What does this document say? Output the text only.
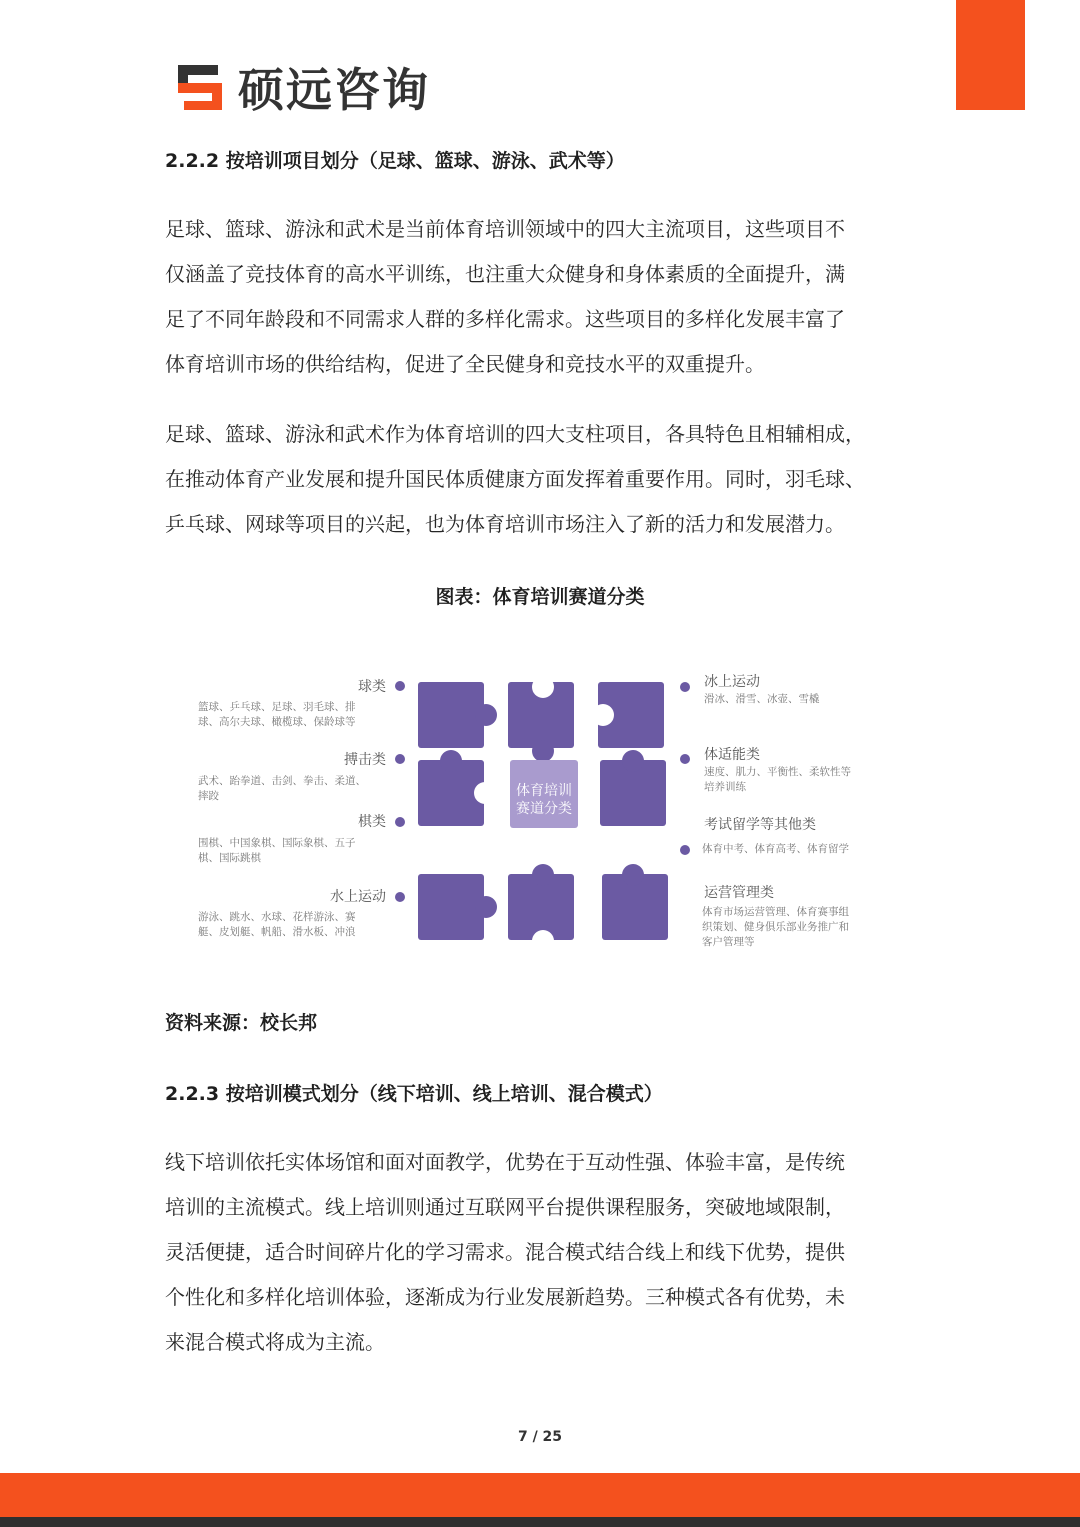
硕远咨询
2.2.2 按培训项目划分（足球、篮球、游泳、武术等）
足球、篮球、游泳和武术是当前体育培训领域中的四大主流项目，这些项目不
仅涵盖了竞技体育的高水平训练，也注重大众健身和身体素质的全面提升，满
足了不同年龄段和不同需求人群的多样化需求。这些项目的多样化发展丰富了
体育培训市场的供给结构，促进了全民健身和竞技水平的双重提升。
足球、篮球、游泳和武术作为体育培训的四大支柱项目，各具特色且相辅相成，
在推动体育产业发展和提升国民体质健康方面发挥着重要作用。同时，羽毛球、
乒乓球、网球等项目的兴起，也为体育培训市场注入了新的活力和发展潜力。
图表：体育培训赛道分类
体育培训
赛道分类
球类
篮球、乒乓球、足球、羽毛球、排
球、高尔夫球、橄榄球、保龄球等
搏击类
武术、跆拳道、击剑、拳击、柔道、
摔跤
棋类
围棋、中国象棋、国际象棋、五子
棋、国际跳棋
水上运动
游泳、跳水、水球、花样游泳、赛
艇、皮划艇、帆船、滑水板、冲浪
冰上运动
滑冰、滑雪、冰壶、雪橇
体适能类
速度、肌力、平衡性、柔软性等
培养训练
考试留学等其他类
体育中考、体育高考、体育留学
运营管理类
体育市场运营管理、体育赛事组
织策划、健身俱乐部业务推广和
客户管理等
资料来源：校长邦
2.2.3 按培训模式划分（线下培训、线上培训、混合模式）
线下培训依托实体场馆和面对面教学，优势在于互动性强、体验丰富，是传统
培训的主流模式。线上培训则通过互联网平台提供课程服务，突破地域限制，
灵活便捷，适合时间碎片化的学习需求。混合模式结合线上和线下优势，提供
个性化和多样化培训体验，逐渐成为行业发展新趋势。三种模式各有优势，未
来混合模式将成为主流。
7 / 25
